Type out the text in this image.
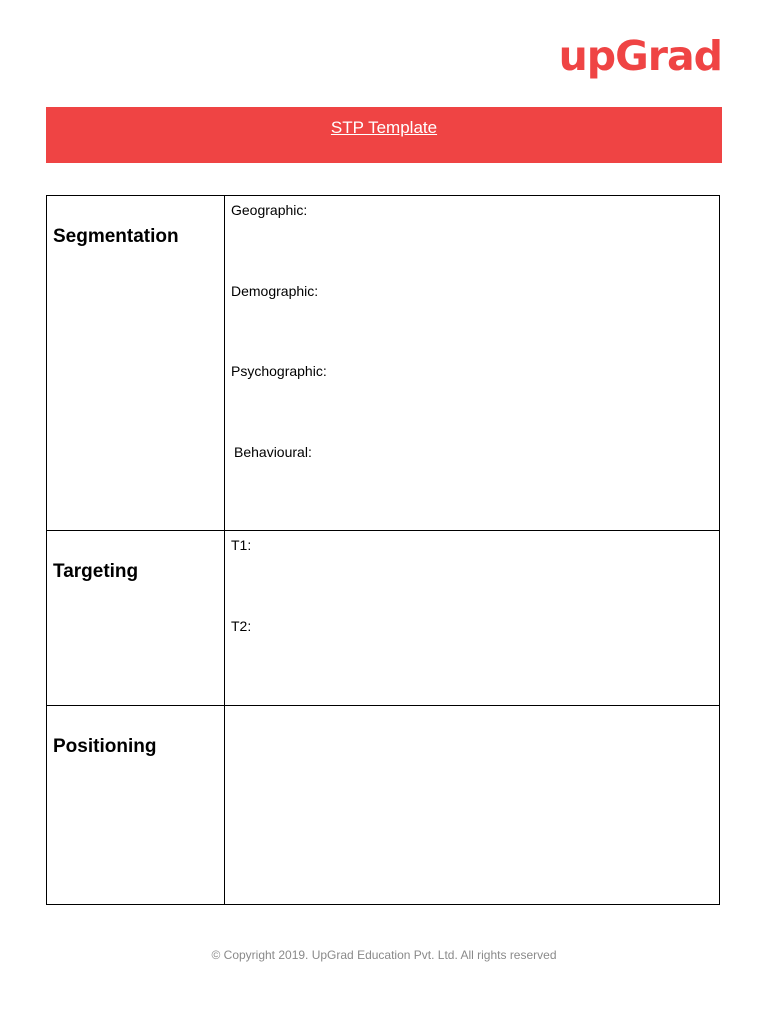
upGrad
STP Template
Segmentation	Geographic:
Demographic:
Psychographic:
Behavioural:

Targeting	T1:
T2:

Positioning	

© Copyright 2019. UpGrad Education Pvt. Ltd. All rights reserved
